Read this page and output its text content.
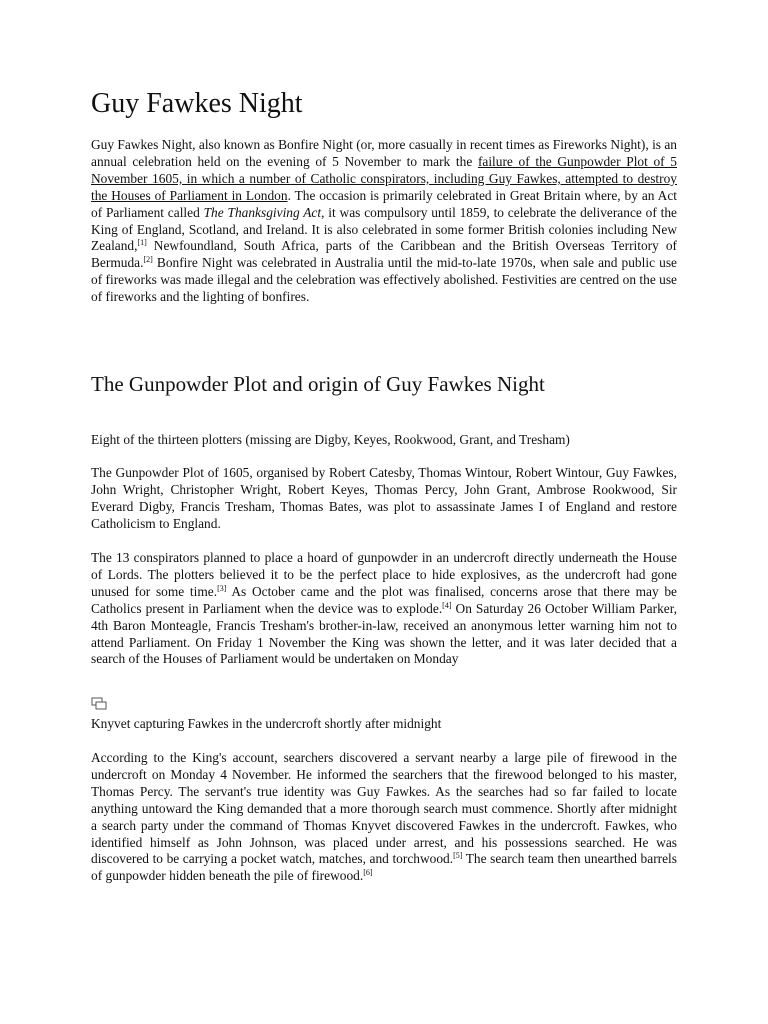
Guy Fawkes Night

Guy Fawkes Night, also known as Bonfire Night (or, more casually in recent times as Fireworks Night), is an annual celebration held on the evening of 5 November to mark the failure of the Gunpowder Plot of 5 November 1605, in which a number of Catholic conspirators, including Guy Fawkes, attempted to destroy the Houses of Parliament in London. The occasion is primarily celebrated in Great Britain where, by an Act of Parliament called The Thanksgiving Act, it was compulsory until 1859, to celebrate the deliverance of the King of England, Scotland, and Ireland. It is also celebrated in some former British colonies including New Zealand,[1] Newfoundland, South Africa, parts of the Caribbean and the British Overseas Territory of Bermuda.[2] Bonfire Night was celebrated in Australia until the mid-to-late 1970s, when sale and public use of fireworks was made illegal and the celebration was effectively abolished. Festivities are centred on the use of fireworks and the lighting of bonfires.

The Gunpowder Plot and origin of Guy Fawkes Night

Eight of the thirteen plotters (missing are Digby, Keyes, Rookwood, Grant, and Tresham)

The Gunpowder Plot of 1605, organised by Robert Catesby, Thomas Wintour, Robert Wintour, Guy Fawkes, John Wright, Christopher Wright, Robert Keyes, Thomas Percy, John Grant, Ambrose Rookwood, Sir Everard Digby, Francis Tresham, Thomas Bates, was plot to assassinate James I of England and restore Catholicism to England.

The 13 conspirators planned to place a hoard of gunpowder in an undercroft directly underneath the House of Lords. The plotters believed it to be the perfect place to hide explosives, as the undercroft had gone unused for some time.[3] As October came and the plot was finalised, concerns arose that there may be Catholics present in Parliament when the device was to explode.[4] On Saturday 26 October William Parker, 4th Baron Monteagle, Francis Tresham's brother-in-law, received an anonymous letter warning him not to attend Parliament. On Friday 1 November the King was shown the letter, and it was later decided that a search of the Houses of Parliament would be undertaken on Monday

Knyvet capturing Fawkes in the undercroft shortly after midnight

According to the King's account, searchers discovered a servant nearby a large pile of firewood in the undercroft on Monday 4 November. He informed the searchers that the firewood belonged to his master, Thomas Percy. The servant's true identity was Guy Fawkes. As the searches had so far failed to locate anything untoward the King demanded that a more thorough search must commence. Shortly after midnight a search party under the command of Thomas Knyvet discovered Fawkes in the undercroft. Fawkes, who identified himself as John Johnson, was placed under arrest, and his possessions searched. He was discovered to be carrying a pocket watch, matches, and torchwood.[5] The search team then unearthed barrels of gunpowder hidden beneath the pile of firewood.[6]
